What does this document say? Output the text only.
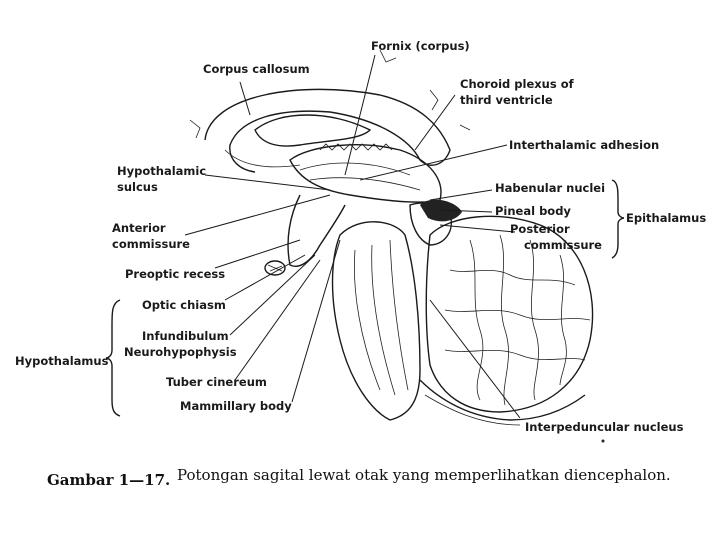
Fornix (corpus)
Corpus callosum
Choroid plexus of
third ventricle
Interthalamic adhesion
Hypothalamic
sulcus	Habenular nuclei
Pineal body
Posterior
commissure
Epithalamus
Anterior
commissure
Preoptic recess
Optic chiasm
Infundibulum
Neurohypophysis
Hypothalamus
Tuber cinereum
Mammillary body
Interpeduncular nucleus
Gambar 1—17. Potongan sagital lewat otak yang memperlihatkan diencephalon.
